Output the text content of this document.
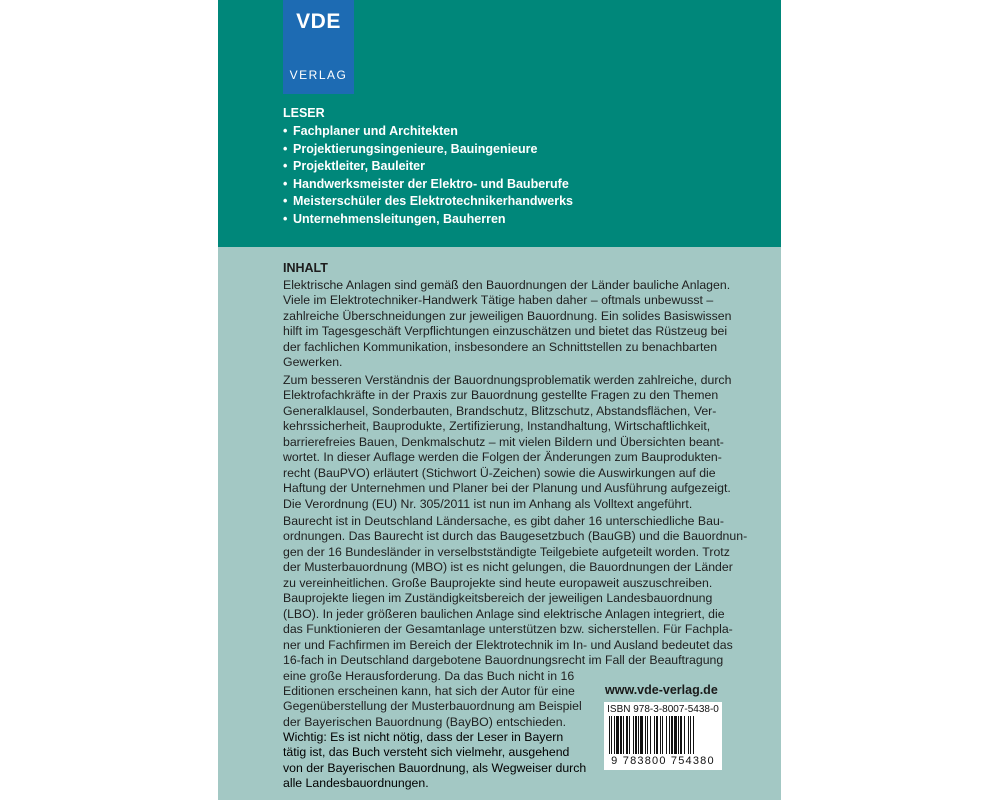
VDE
VERLAG
LESER
• Fachplaner und Architekten
• Projektierungsingenieure, Bauingenieure
• Projektleiter, Bauleiter
• Handwerksmeister der Elektro- und Bauberufe
• Meisterschüler des Elektrotechnikerhandwerks
• Unternehmensleitungen, Bauherren
INHALT

Elektrische Anlagen sind gemäß den Bauordnungen der Länder bauliche Anlagen.
Viele im Elektrotechniker-Handwerk Tätige haben daher – oftmals unbewusst –
zahlreiche Überschneidungen zur jeweiligen Bauordnung. Ein solides Basiswissen
hilft im Tagesgeschäft Verpflichtungen einzuschätzen und bietet das Rüstzeug bei
der fachlichen Kommunikation, insbesondere an Schnittstellen zu benachbarten
Gewerken.

Zum besseren Verständnis der Bauordnungsproblematik werden zahlreiche, durch
Elektrofachkräfte in der Praxis zur Bauordnung gestellte Fragen zu den Themen
Generalklausel, Sonderbauten, Brandschutz, Blitzschutz, Abstandsflächen, Ver-
kehrssicherheit, Bauprodukte, Zertifizierung, Instandhaltung, Wirtschaftlichkeit,
barrierefreies Bauen, Denkmalschutz – mit vielen Bildern und Übersichten beant-
wortet. In dieser Auflage werden die Folgen der Änderungen zum Bauprodukten-
recht (BauPVO) erläutert (Stichwort Ü-Zeichen) sowie die Auswirkungen auf die
Haftung der Unternehmen und Planer bei der Planung und Ausführung aufgezeigt.
Die Verordnung (EU) Nr. 305/2011 ist nun im Anhang als Volltext angeführt.

Baurecht ist in Deutschland Ländersache, es gibt daher 16 unterschiedliche Bau-
ordnungen. Das Baurecht ist durch das Baugesetzbuch (BauGB) und die Bauordnun-
gen der 16 Bundesländer in verselbstständigte Teilgebiete aufgeteilt worden. Trotz
der Musterbauordnung (MBO) ist es nicht gelungen, die Bauordnungen der Länder
zu vereinheitlichen. Große Bauprojekte sind heute europaweit auszuschreiben.
Bauprojekte liegen im Zuständigkeitsbereich der jeweiligen Landesbauordnung
(LBO). In jeder größeren baulichen Anlage sind elektrische Anlagen integriert, die
das Funktionieren der Gesamtanlage unterstützen bzw. sicherstellen. Für Fachpla-
ner und Fachfirmen im Bereich der Elektrotechnik im In- und Ausland bedeutet das
16-fach in Deutschland dargebotene Bauordnungsrecht im Fall der Beauftragung
eine große Herausforderung. Da das Buch nicht in 16
Editionen erscheinen kann, hat sich der Autor für eine
Gegenüberstellung der Musterbauordnung am Beispiel
der Bayerischen Bauordnung (BayBO) entschieden.

Wichtig: Es ist nicht nötig, dass der Leser in Bayern
tätig ist, das Buch versteht sich vielmehr, ausgehend
von der Bayerischen Bauordnung, als Wegweiser durch
alle Landesbauordnungen.

www.vde-verlag.de
ISBN 978-3-8007-5438-0
9 783800 754380
